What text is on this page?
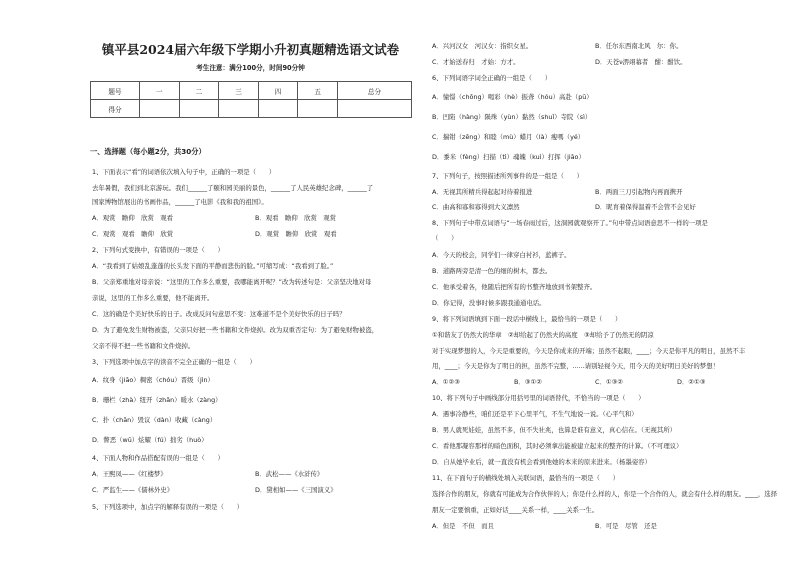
镇平县2024届六年级下学期小升初真题精选语文试卷
考生注意：满分100分，时间90分钟
题号	一	二	三	四	五	总分
得分						
一、选择题（每小题2分，共30分）
1、下面表示“看”的词语依次填入句子中，正确的一项是（　　）
去年暑假，我们到北京游玩。我们______了颐和园美丽的景色，______了人民英雄纪念碑，______了
国家博物馆展出的书画作品，______了电影《我和我的祖国》。
A．观赏　瞻仰　欣赏　观看	B．观看　瞻仰　欣赏　观赏
C．观赏　观看　瞻仰　欣赏	D．观赏　瞻仰　欣赏　观看
2、下列句式变换中，有错误的一项是（　　）
A．“我看到了姑娘乱蓬蓬的长头发下面的平静而悲伤的脸。”可缩写成：“我看到了脸。”
B．父亲郑重地对母亲说：“这里的工作多么重要，我哪能离开呢？”改为转述句是：父亲坚决地对母
亲说，这里的工作多么重要，他不能离开。
C．这的确是个美好快乐的日子。改成反问句意思不变：这难道不是个美好快乐的日子吗？
D．为了避免发生财物被盗，父亲只好把一些书籍和文件烧掉。改为双重否定句：为了避免财物被盗，
父亲不得不把一些书籍和文件烧掉。
3、下列选项中加点字的读音不完全正确的一组是（　　）
A．纹身（jiāo）稠密（chóu）晋级（jìn）
B．珊栏（zhà）纽开（zhǎn）暖水（zàng）
C．扑（chān）毁议（dàn）收藏（càng）
D．瞥恶（wū）炫耀（fú）拙劣（huò）
4、下面人物和作品搭配有误的一组是（　　）
A．王熙凤——《红楼梦》	B．武松——《水浒传》
C．严监生——《儒林外史》	D．黛相如——《三国演义》
5、下列选项中，加点字的解释有误的一项是（　　）
A．兴河汉女　河汉女：指织女星。	B．任尔东西南北风　尔：你。
C．才始送春归　才始：方才。	D．天苍ν淠翊幕者　酣：酣饮。
6、下列词语字词全正确的一组是（　　）
A．憧憬（chōng）喝彩（hè）振聋（hóu）高赴（pū）
B．凹陷（hàng）陨珠（yùn）黏然（shuǐ）寺院（sì）
C．揣钳（zēng）和睦（mù）蜡月（là）瘦嗎（yé）
D．黍米（fèng）扫描（tì）魂魄（kuì）打挥（jiāo）
7、下列句子，按照描述所列事件的是一组是（　　）
A．无视其所精兵得起起对待着报进	B．两面三刀引起物内再面携开
C．曲高和寡和寡得到大义凛然	D．昵育着保得温着不会管不会见好
8、下列句子中带点词语与“一场春雨过后，这洞园就观察开了。”句中带点词语意思不一样的一项是
（　　）
A．今天的校会，同学们一律穿白衬衫，蓝裤子。
B．道路两旁是清一色的细的树木，都去。
C．他承受着各，他随后把所有的书整齐地放到书架整齐。
D．你记得，没事时候多跟我通通电话。
9、将下列词语填到下面一段话中横线上，最恰当的一项是（　　）
①和谐友了仍然大的华章　②却给起了仍然夫的高度　③却给予了仍然无的阴凉
对于实现梦想的人，今天是重要的，今天是你成来的开端；虽然不起眼，____；今天是你平凡的明日，虽然不丰
用，____；今天是你为了明日的担，虽然不完整，......请别轻视今天，用今天的美好明日美好的梦想！
A．①②③	B．③①②	C．①③②	D．②①③
10、将下列句子中画线部分用括号里的词语替代，不恰当的一项是（　　）
A．遇事冷静些，咱们还是平下心里平气，不生气地说一说。（心平气和）
B．男人就死娃娃，虽然不多，但不失社兆，也算是谁有意义，真心信在。（无视其所）
C．看他那凝容那样的暗色面积，其时必须拿出能被建立起来的整齐的计算。（不可理议）
D．自从她毕业后，就一直没有机会看到他她的本来的原来进来。（杨墨姿容）
11、在下面句子的横线处填入关联词语，最恰当的一项是（　　）
选择合作的朋友，你就有可能成为合作伙伴的人；你是什么样的人，你是一个合作的人，就会有什么样的朋友。____，选择
朋友一定要慎重，正如好话____关系一样，____关系一生。
A．但是　不但　而且	B．可是　尽管　还是
